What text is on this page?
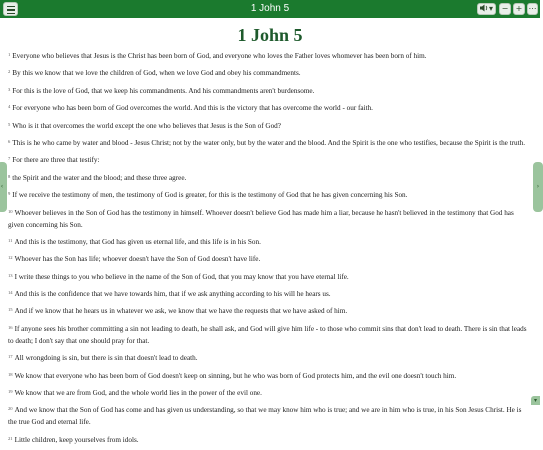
1 John 5	▾	− + ⋯
1 John 5
$^1$ Everyone who believes that Jesus is the Christ has been born of God, and everyone who loves the Father loves whomever has been born of him.
$^2$ By this we know that we love the children of God, when we love God and obey his commandments.
$^3$ For this is the love of God, that we keep his commandments. And his commandments aren't burdensome.
$^4$ For everyone who has been born of God overcomes the world. And this is the victory that has overcome the world - our faith.
$^5$ Who is it that overcomes the world except the one who believes that Jesus is the Son of God?
$^6$ This is he who came by water and blood - Jesus Christ; not by the water only, but by the water and the blood. And the Spirit is the one who testifies, because the Spirit is the truth.
$^7$ For there are three that testify:
$^8$ the Spirit and the water and the blood; and these three agree.
$^9$ If we receive the testimony of men, the testimony of God is greater, for this is the testimony of God that he has given concerning his Son.
$^{10}$ Whoever believes in the Son of God has the testimony in himself. Whoever doesn't believe God has made him a liar, because he hasn't believed in the testimony that God has given concerning his Son.
$^{11}$ And this is the testimony, that God has given us eternal life, and this life is in his Son.
$^{12}$ Whoever has the Son has life; whoever doesn't have the Son of God doesn't have life.
$^{13}$ I write these things to you who believe in the name of the Son of God, that you may know that you have eternal life.
$^{14}$ And this is the confidence that we have towards him, that if we ask anything according to his will he hears us.
$^{15}$ And if we know that he hears us in whatever we ask, we know that we have the requests that we have asked of him.
$^{16}$ If anyone sees his brother committing a sin not leading to death, he shall ask, and God will give him life - to those who commit sins that don't lead to death. There is sin that leads to death; I don't say that one should pray for that.
$^{17}$ All wrongdoing is sin, but there is sin that doesn't lead to death.
$^{18}$ We know that everyone who has been born of God doesn't keep on sinning, but he who was born of God protects him, and the evil one doesn't touch him.
$^{19}$ We know that we are from God, and the whole world lies in the power of the evil one.
$^{20}$ And we know that the Son of God has come and has given us understanding, so that we may know him who is true; and we are in him who is true, in his Son Jesus Christ. He is the true God and eternal life.
$^{21}$ Little children, keep yourselves from idols.
‹	›
▾
